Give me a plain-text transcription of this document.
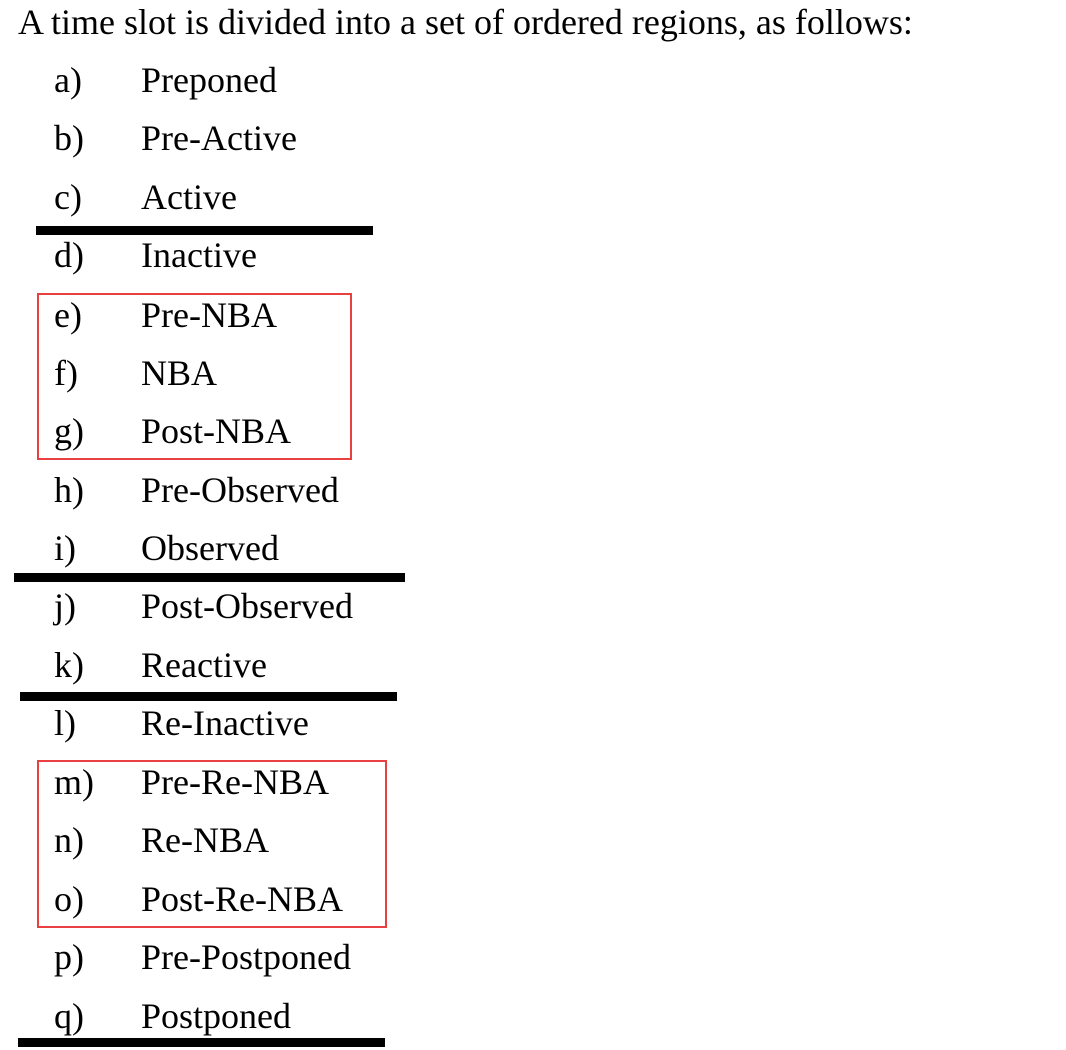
A time slot is divided into a set of ordered regions, as follows:
a) Preponed
b) Pre-Active
c) Active
d) Inactive
e) Pre-NBA
f) NBA
g) Post-NBA
h) Pre-Observed
i) Observed
j) Post-Observed
k) Reactive
l) Re-Inactive
m) Pre-Re-NBA
n) Re-NBA
o) Post-Re-NBA
p) Pre-Postponed
q) Postponed
